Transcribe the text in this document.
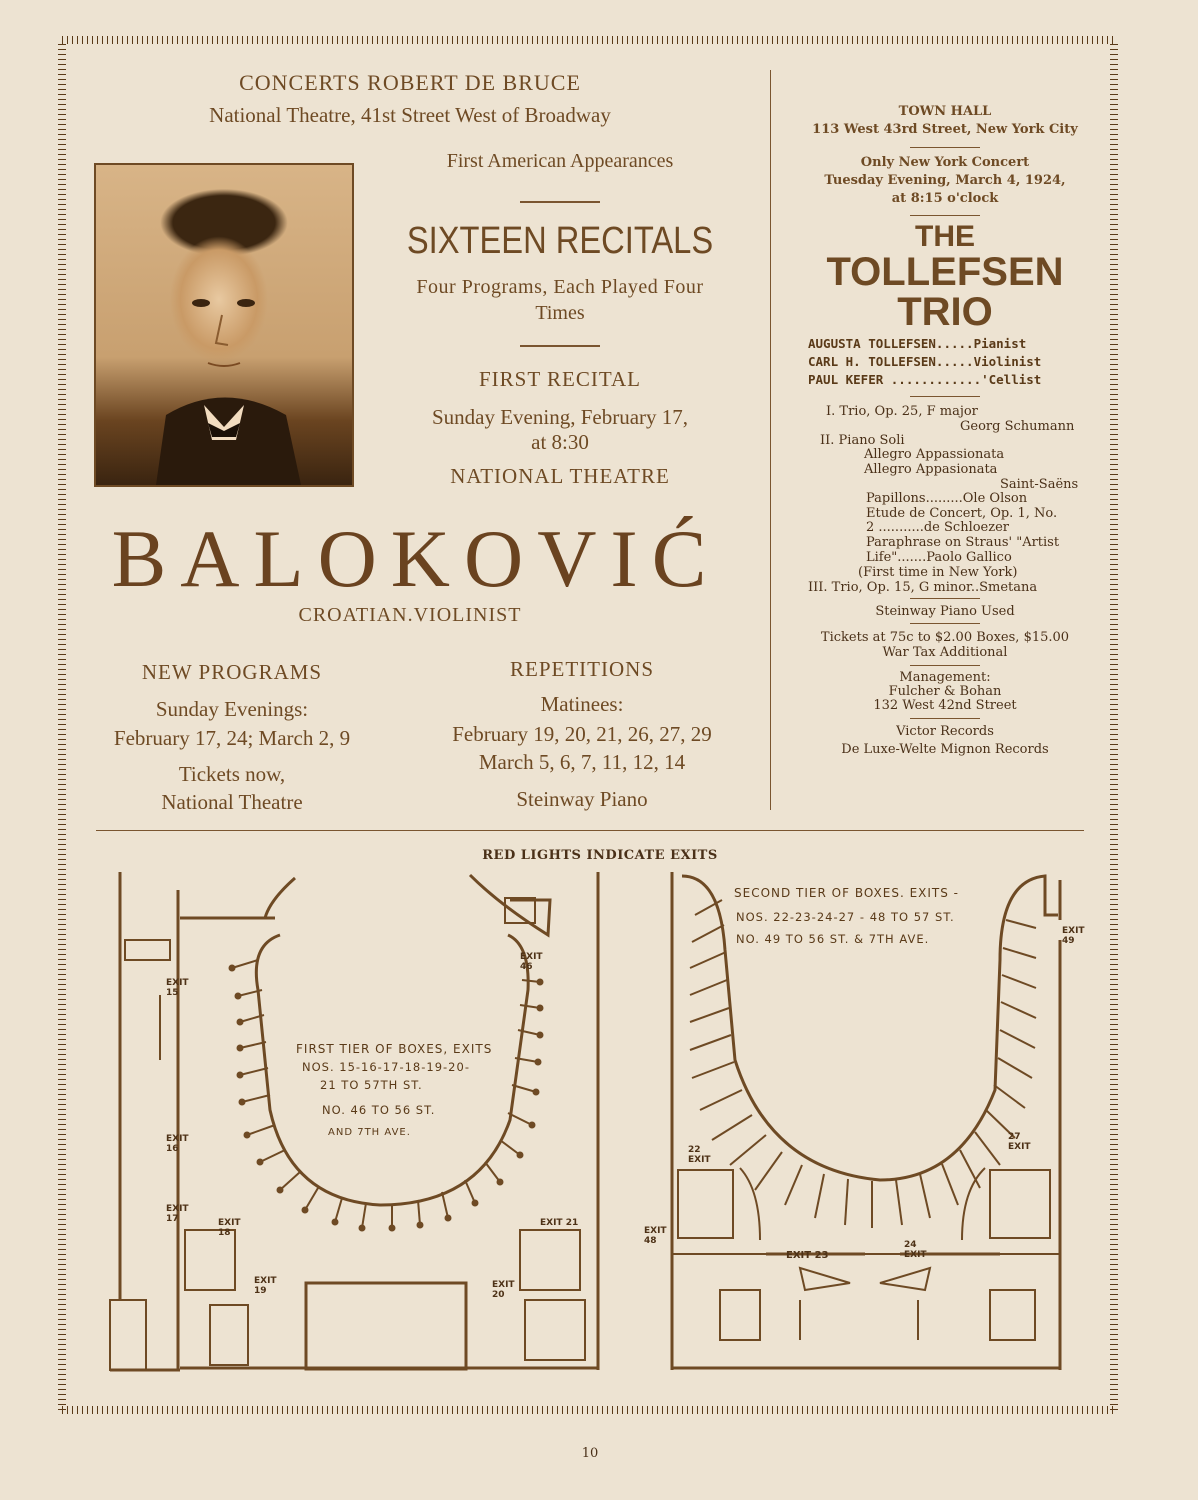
CONCERTS ROBERT DE BRUCE
National Theatre, 41st Street West of Broadway
First American Appearances
SIXTEEN RECITALS
Four Programs, Each Played Four
Times
FIRST RECITAL
Sunday Evening, February 17,
at 8:30
NATIONAL THEATRE
BALOKOVIĆ
CROATIAN.VIOLINIST
NEW PROGRAMS
Sunday Evenings:
February 17, 24; March 2, 9
Tickets now,
National Theatre
REPETITIONS
Matinees:
February 19, 20, 21, 26, 27, 29
March 5, 6, 7, 11, 12, 14
Steinway Piano
TOWN HALL
113 West 43rd Street, New York City
Only New York Concert
Tuesday Evening, March 4, 1924,
at 8:15 o'clock
THE
TOLLEFSEN
TRIO
AUGUSTA TOLLEFSEN.....Pianist
CARL H. TOLLEFSEN.....Violinist
PAUL KEFER ............'Cellist
I. Trio, Op. 25, F major
Georg Schumann
II. Piano Soli
Allegro Appassionata
Allegro Appasionata
Saint-Saëns
Papillons.........Ole Olson
Etude de Concert, Op. 1, No.
2 ...........de Schloezer
Paraphrase on Straus' "Artist
Life".......Paolo Gallico
(First time in New York)
III. Trio, Op. 15, G minor..Smetana
Steinway Piano Used
Tickets at 75c to $2.00 Boxes, $15.00
War Tax Additional
Management:
Fulcher & Bohan
132 West 42nd Street
Victor Records
De Luxe-Welte Mignon Records
RED LIGHTS INDICATE EXITS
FIRST TIER OF BOXES, EXITS
NOS. 15-16-17-18-19-20-
21 TO 57TH ST.
NO. 46 TO 56 ST.
AND 7TH AVE.
EXIT 15
EXIT 16
EXIT 17	EXIT 18
EXIT 19
EXIT 46
EXIT 21
EXIT 20
SECOND TIER OF BOXES. EXITS -
NOS. 22-23-24-27 - 48 TO 57 ST.
NO. 49 TO 56 ST. & 7TH AVE.
22 EXIT
EXIT 48
EXIT 23
24 EXIT
27 EXIT
EXIT 49
10
